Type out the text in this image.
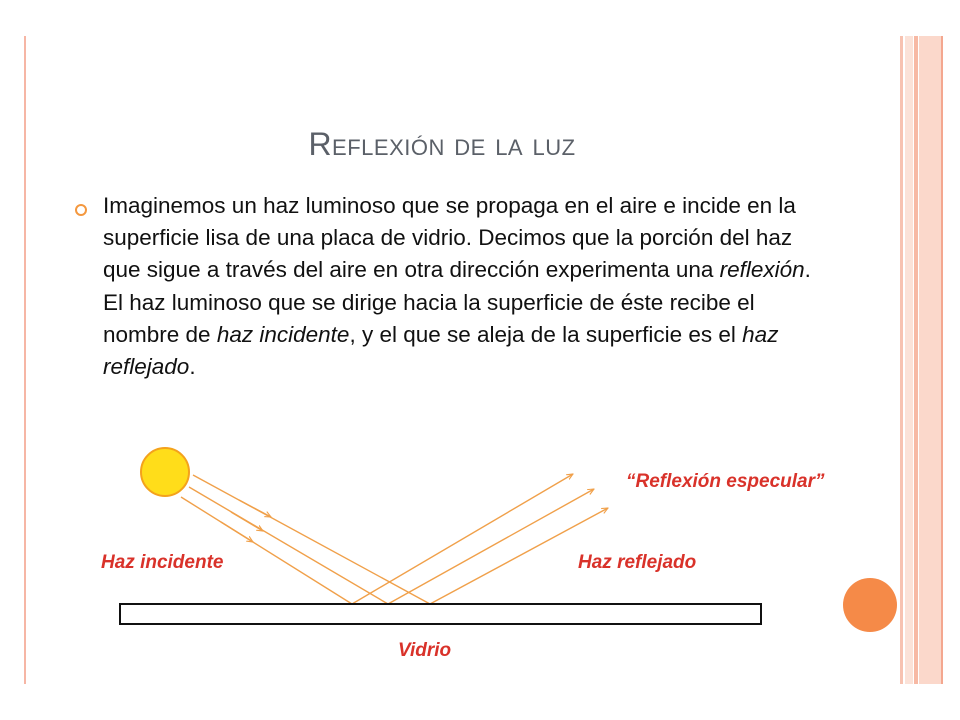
Reflexión de la luz

Imaginemos un haz luminoso que se propaga en el aire e incide en la superficie lisa de una placa de vidrio. Decimos que la porción del haz que sigue a través del aire en otra dirección experimenta una reflexión. El haz luminoso que se dirige hacia la superficie de éste recibe el nombre de haz incidente, y el que se aleja de la superficie es el haz reflejado.

Haz incidente	Haz reflejado
“Reflexión especular”
Vidrio
